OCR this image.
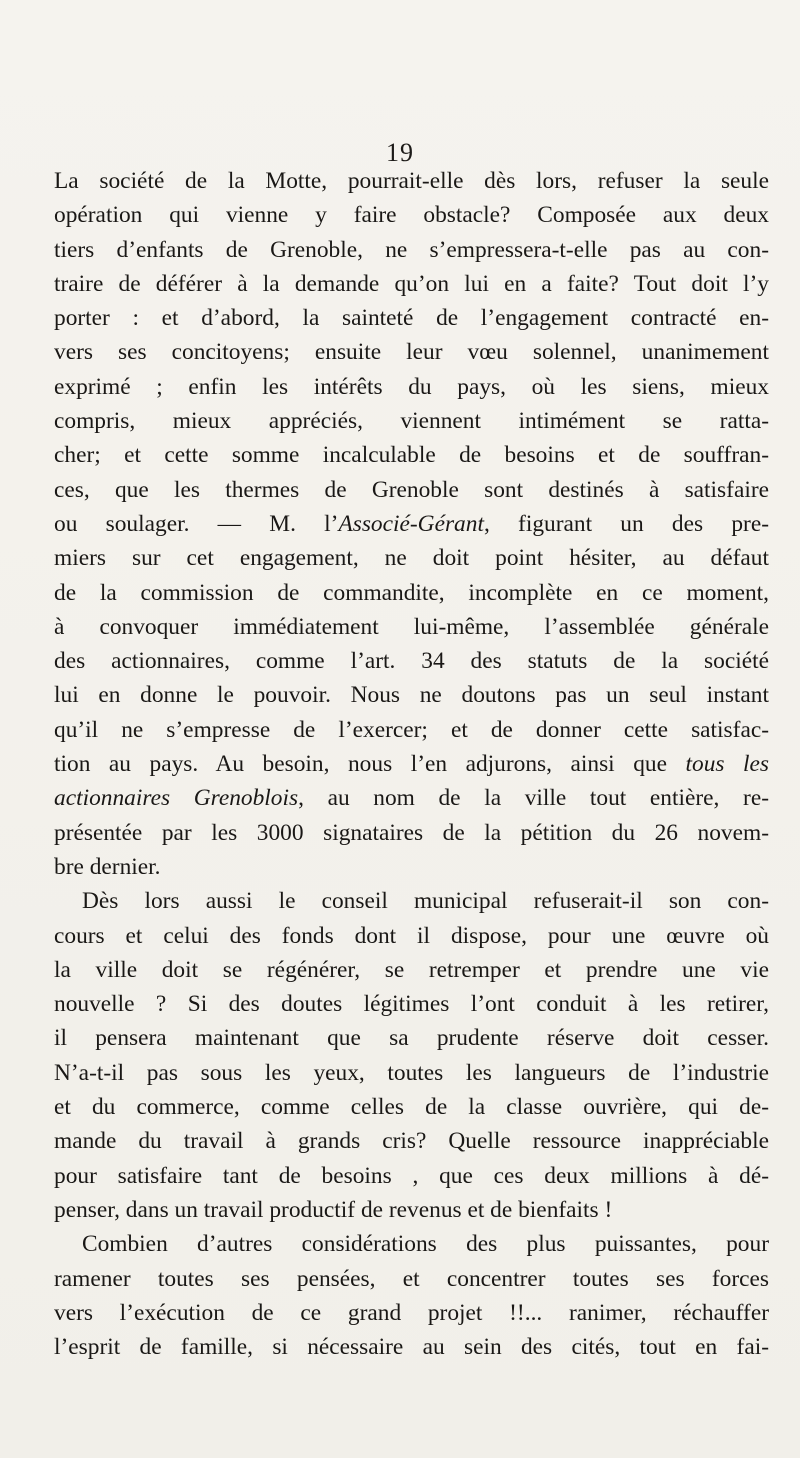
19
La société de la Motte, pourrait-elle dès lors, refuser la seule
opération qui vienne y faire obstacle? Composée aux deux
tiers d’enfants de Grenoble, ne s’empressera-t-elle pas au con-
traire de déférer à la demande qu’on lui en a faite? Tout doit l’y
porter : et d’abord, la sainteté de l’engagement contracté en-
vers ses concitoyens; ensuite leur vœu solennel, unanimement
exprimé ; enfin les intérêts du pays, où les siens, mieux
compris, mieux appréciés, viennent intimément se ratta-
cher; et cette somme incalculable de besoins et de souffran-
ces, que les thermes de Grenoble sont destinés à satisfaire
ou soulager. — M. l’Associé-Gérant, figurant un des pre-
miers sur cet engagement, ne doit point hésiter, au défaut
de la commission de commandite, incomplète en ce moment,
à convoquer immédiatement lui-même, l’assemblée générale
des actionnaires, comme l’art. 34 des statuts de la société
lui en donne le pouvoir. Nous ne doutons pas un seul instant
qu’il ne s’empresse de l’exercer; et de donner cette satisfac-
tion au pays. Au besoin, nous l’en adjurons, ainsi que tous les
actionnaires Grenoblois, au nom de la ville tout entière, re-
présentée par les 3000 signataires de la pétition du 26 novem-
bre dernier.
Dès lors aussi le conseil municipal refuserait-il son con-
cours et celui des fonds dont il dispose, pour une œuvre où
la ville doit se régénérer, se retremper et prendre une vie
nouvelle ? Si des doutes légitimes l’ont conduit à les retirer,
il pensera maintenant que sa prudente réserve doit cesser.
N’a-t-il pas sous les yeux, toutes les langueurs de l’industrie
et du commerce, comme celles de la classe ouvrière, qui de-
mande du travail à grands cris? Quelle ressource inappréciable
pour satisfaire tant de besoins , que ces deux millions à dé-
penser, dans un travail productif de revenus et de bienfaits !
Combien d’autres considérations des plus puissantes, pour
ramener toutes ses pensées, et concentrer toutes ses forces
vers l’exécution de ce grand projet !!... ranimer, réchauffer
l’esprit de famille, si nécessaire au sein des cités, tout en fai-
